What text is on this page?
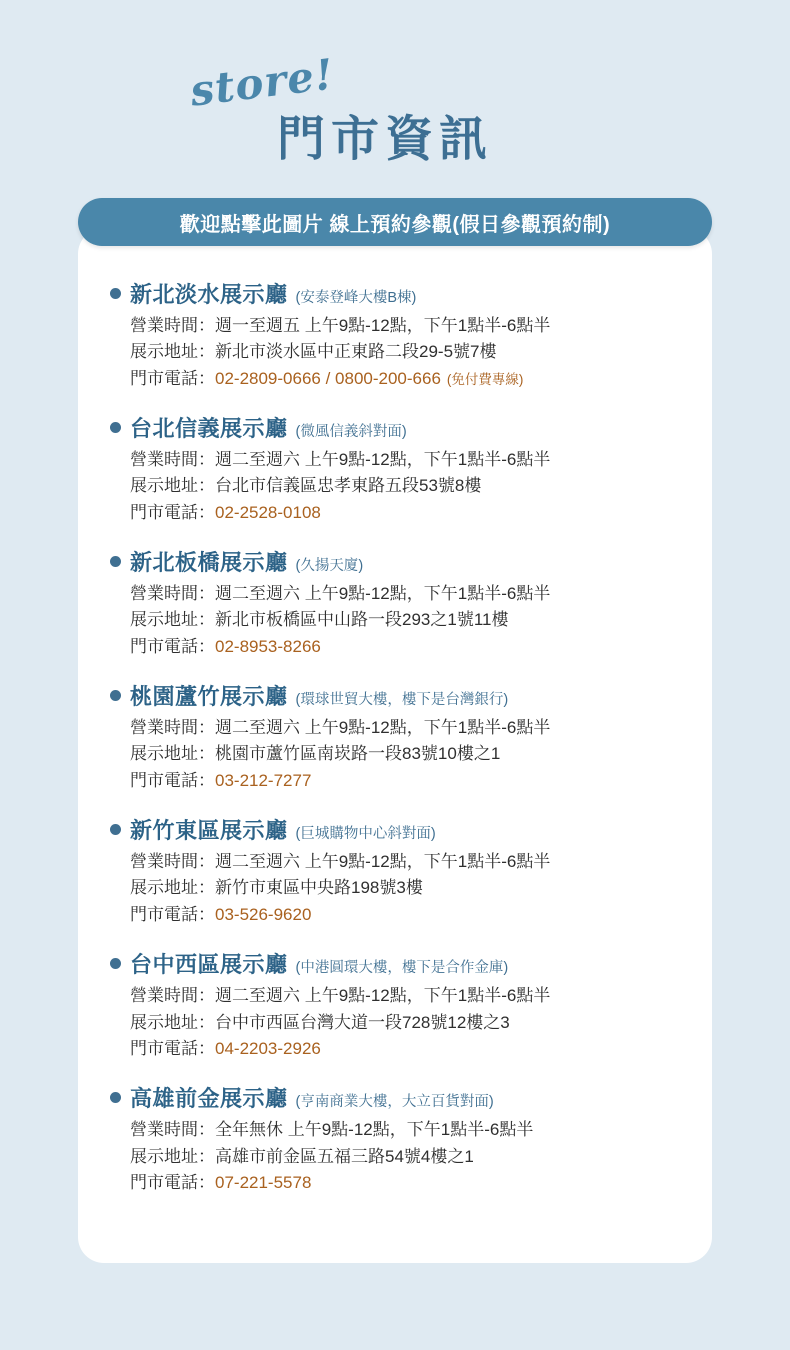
store!
門市資訊
歡迎點擊此圖片 線上預約參觀(假日參觀預約制)
新北淡水展示廳 (安泰登峰大樓B棟)
營業時間：週一至週五 上午9點-12點，下午1點半-6點半
展示地址：新北市淡水區中正東路二段29-5號7樓
門市電話：02-2809-0666 / 0800-200-666 (免付費專線)
台北信義展示廳 (微風信義斜對面)
營業時間：週二至週六 上午9點-12點，下午1點半-6點半
展示地址：台北市信義區忠孝東路五段53號8樓
門市電話：02-2528-0108
新北板橋展示廳 (久揚天廈)
營業時間：週二至週六 上午9點-12點，下午1點半-6點半
展示地址：新北市板橋區中山路一段293之1號11樓
門市電話：02-8953-8266
桃園蘆竹展示廳 (環球世貿大樓，樓下是台灣銀行)
營業時間：週二至週六 上午9點-12點，下午1點半-6點半
展示地址：桃園市蘆竹區南崁路一段83號10樓之1
門市電話：03-212-7277
新竹東區展示廳 (巨城購物中心斜對面)
營業時間：週二至週六 上午9點-12點，下午1點半-6點半
展示地址：新竹市東區中央路198號3樓
門市電話：03-526-9620
台中西區展示廳 (中港圓環大樓，樓下是合作金庫)
營業時間：週二至週六 上午9點-12點，下午1點半-6點半
展示地址：台中市西區台灣大道一段728號12樓之3
門市電話：04-2203-2926
高雄前金展示廳 (亨南商業大樓，大立百貨對面)
營業時間：全年無休 上午9點-12點，下午1點半-6點半
展示地址：高雄市前金區五福三路54號4樓之1
門市電話：07-221-5578
